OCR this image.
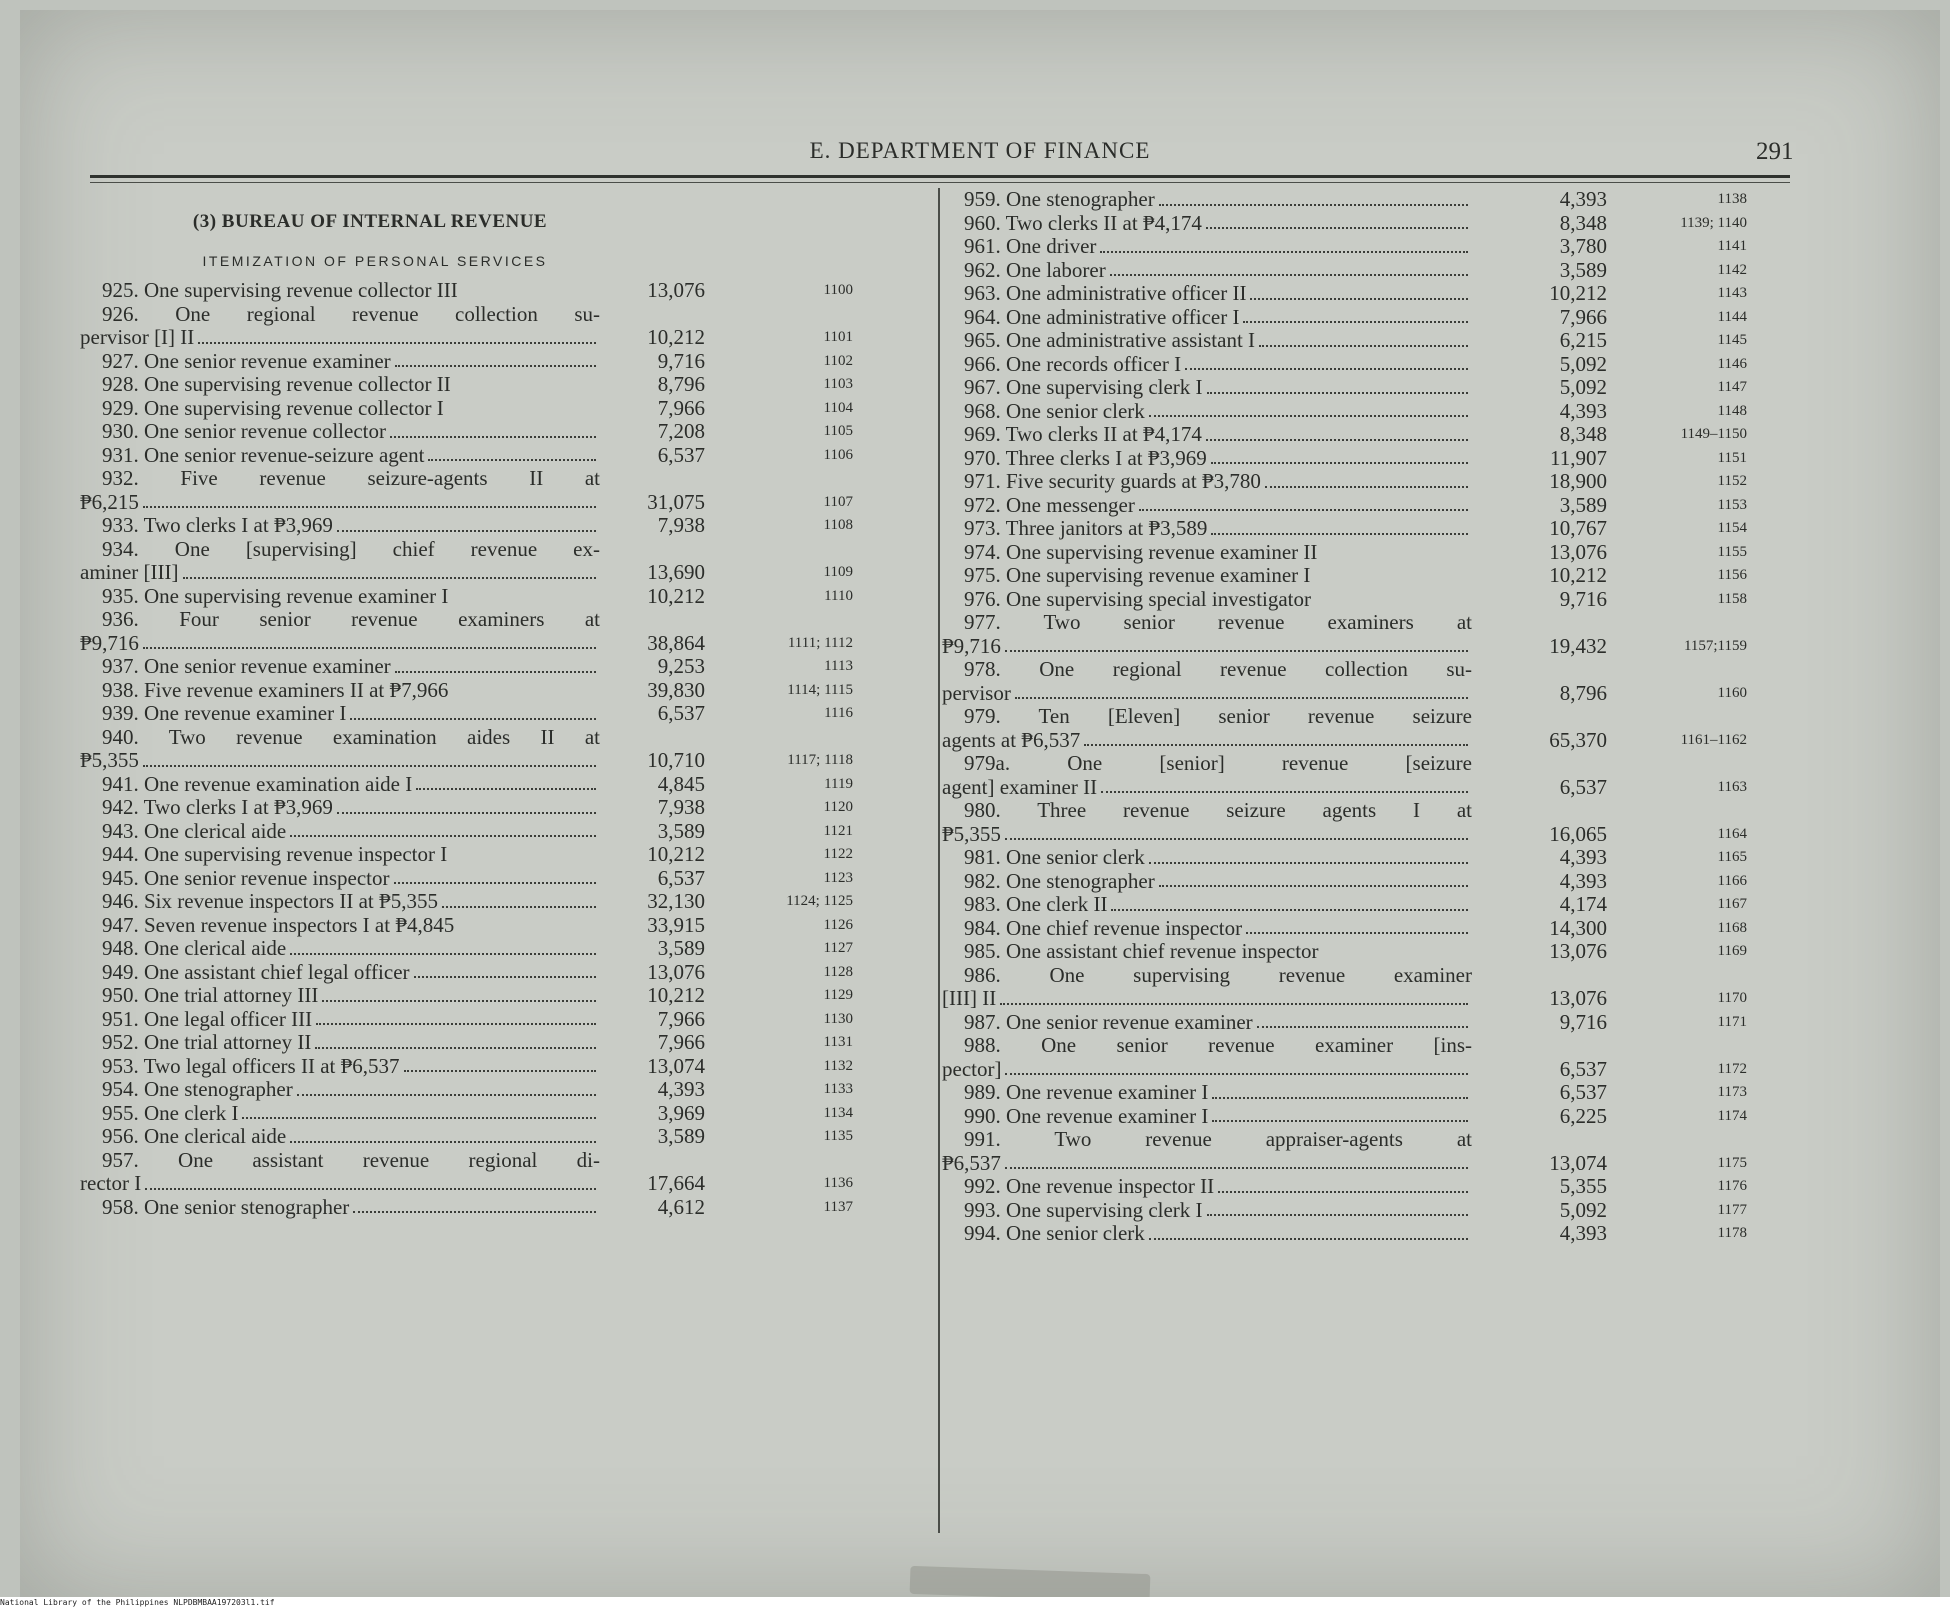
E. DEPARTMENT OF FINANCE	291
(3) BUREAU OF INTERNAL REVENUE
ITEMIZATION OF PERSONAL SERVICES
925. One supervising revenue collector III	13,076	1100
926. One regional revenue collection su-
pervisor [I] II	10,212	1101
927. One senior revenue examiner	9,716	1102
928. One supervising revenue collector II	8,796	1103
929. One supervising revenue collector I	7,966	1104
930. One senior revenue collector	7,208	1105
931. One senior revenue-seizure agent	6,537	1106
932. Five revenue seizure-agents II at
₱6,215	31,075	1107
933. Two clerks I at ₱3,969	7,938	1108
934. One [supervising] chief revenue ex-
aminer [III]	13,690	1109
935. One supervising revenue examiner I	10,212	1110
936. Four senior revenue examiners at
₱9,716	38,864	1111; 1112
937. One senior revenue examiner	9,253	1113
938. Five revenue examiners II at ₱7,966	39,830	1114; 1115
939. One revenue examiner I	6,537	1116
940. Two revenue examination aides II at
₱5,355	10,710	1117; 1118
941. One revenue examination aide I	4,845	1119
942. Two clerks I at ₱3,969	7,938	1120
943. One clerical aide	3,589	1121
944. One supervising revenue inspector I	10,212	1122
945. One senior revenue inspector	6,537	1123
946. Six revenue inspectors II at ₱5,355	32,130	1124; 1125
947. Seven revenue inspectors I at ₱4,845	33,915	1126
948. One clerical aide	3,589	1127
949. One assistant chief legal officer	13,076	1128
950. One trial attorney III	10,212	1129
951. One legal officer III	7,966	1130
952. One trial attorney II	7,966	1131
953. Two legal officers II at ₱6,537	13,074	1132
954. One stenographer	4,393	1133
955. One clerk I	3,969	1134
956. One clerical aide	3,589	1135
957. One assistant revenue regional di-
rector I	17,664	1136
958. One senior stenographer	4,612	1137
959. One stenographer	4,393	1138
960. Two clerks II at ₱4,174	8,348	1139; 1140
961. One driver	3,780	1141
962. One laborer	3,589	1142
963. One administrative officer II	10,212	1143
964. One administrative officer I	7,966	1144
965. One administrative assistant I	6,215	1145
966. One records officer I	5,092	1146
967. One supervising clerk I	5,092	1147
968. One senior clerk	4,393	1148
969. Two clerks II at ₱4,174	8,348	1149–1150
970. Three clerks I at ₱3,969	11,907	1151
971. Five security guards at ₱3,780	18,900	1152
972. One messenger	3,589	1153
973. Three janitors at ₱3,589	10,767	1154
974. One supervising revenue examiner II	13,076	1155
975. One supervising revenue examiner I	10,212	1156
976. One supervising special investigator	9,716	1158
977. Two senior revenue examiners at
₱9,716	19,432	1157;1159
978. One regional revenue collection su-
pervisor	8,796	1160
979. Ten [Eleven] senior revenue seizure
agents at ₱6,537	65,370	1161–1162
979a. One [senior] revenue [seizure
agent] examiner II	6,537	1163
980. Three revenue seizure agents I at
₱5,355	16,065	1164
981. One senior clerk	4,393	1165
982. One stenographer	4,393	1166
983. One clerk II	4,174	1167
984. One chief revenue inspector	14,300	1168
985. One assistant chief revenue inspector	13,076	1169
986. One supervising revenue examiner
[III] II	13,076	1170
987. One senior revenue examiner	9,716	1171
988. One senior revenue examiner [ins-
pector]	6,537	1172
989. One revenue examiner I	6,537	1173
990. One revenue examiner I	6,225	1174
991. Two revenue appraiser-agents at
₱6,537	13,074	1175
992. One revenue inspector II	5,355	1176
993. One supervising clerk I	5,092	1177
994. One senior clerk	4,393	1178
National Library of the Philippines NLPDBMBAA197203l1.tif
